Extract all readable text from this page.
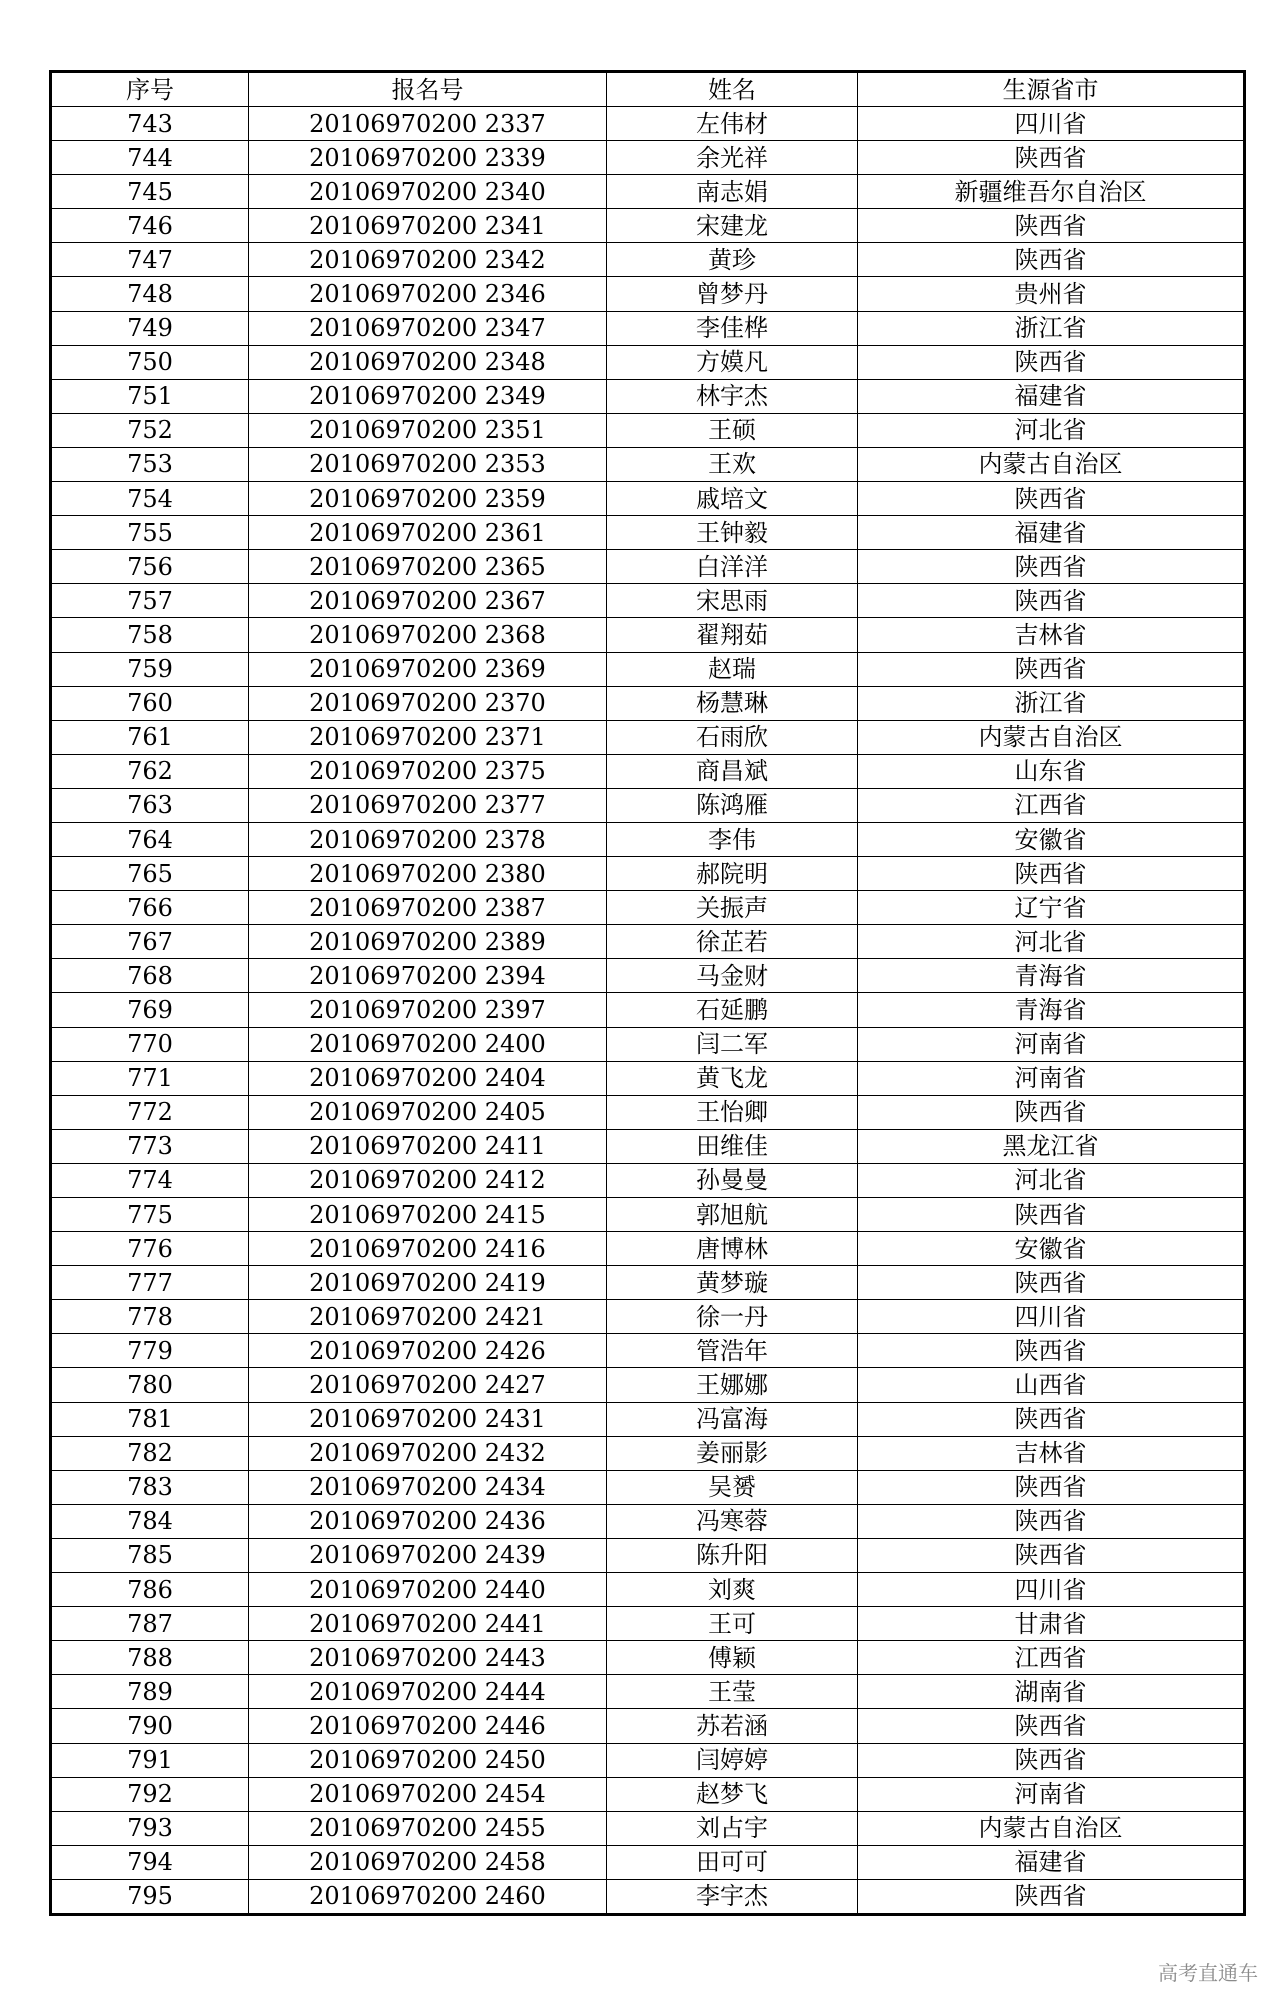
序号	报名号	姓名	生源省市
743	20106970200 2337	左伟材	四川省
744	20106970200 2339	余光祥	陕西省
745	20106970200 2340	南志娟	新疆维吾尔自治区
746	20106970200 2341	宋建龙	陕西省
747	20106970200 2342	黄珍	陕西省
748	20106970200 2346	曾梦丹	贵州省
749	20106970200 2347	李佳桦	浙江省
750	20106970200 2348	方嫫凡	陕西省
751	20106970200 2349	林宇杰	福建省
752	20106970200 2351	王硕	河北省
753	20106970200 2353	王欢	内蒙古自治区
754	20106970200 2359	戚培文	陕西省
755	20106970200 2361	王钟毅	福建省
756	20106970200 2365	白洋洋	陕西省
757	20106970200 2367	宋思雨	陕西省
758	20106970200 2368	翟翔茹	吉林省
759	20106970200 2369	赵瑞	陕西省
760	20106970200 2370	杨慧琳	浙江省
761	20106970200 2371	石雨欣	内蒙古自治区
762	20106970200 2375	商昌斌	山东省
763	20106970200 2377	陈鸿雁	江西省
764	20106970200 2378	李伟	安徽省
765	20106970200 2380	郝院明	陕西省
766	20106970200 2387	关振声	辽宁省
767	20106970200 2389	徐芷若	河北省
768	20106970200 2394	马金财	青海省
769	20106970200 2397	石延鹏	青海省
770	20106970200 2400	闫二军	河南省
771	20106970200 2404	黄飞龙	河南省
772	20106970200 2405	王怡卿	陕西省
773	20106970200 2411	田维佳	黑龙江省
774	20106970200 2412	孙曼曼	河北省
775	20106970200 2415	郭旭航	陕西省
776	20106970200 2416	唐博林	安徽省
777	20106970200 2419	黄梦璇	陕西省
778	20106970200 2421	徐一丹	四川省
779	20106970200 2426	管浩年	陕西省
780	20106970200 2427	王娜娜	山西省
781	20106970200 2431	冯富海	陕西省
782	20106970200 2432	姜丽影	吉林省
783	20106970200 2434	吴赟	陕西省
784	20106970200 2436	冯寒蓉	陕西省
785	20106970200 2439	陈升阳	陕西省
786	20106970200 2440	刘爽	四川省
787	20106970200 2441	王可	甘肃省
788	20106970200 2443	傅颖	江西省
789	20106970200 2444	王莹	湖南省
790	20106970200 2446	苏若涵	陕西省
791	20106970200 2450	闫婷婷	陕西省
792	20106970200 2454	赵梦飞	河南省
793	20106970200 2455	刘占宇	内蒙古自治区
794	20106970200 2458	田可可	福建省
795	20106970200 2460	李宇杰	陕西省
高考直通车
